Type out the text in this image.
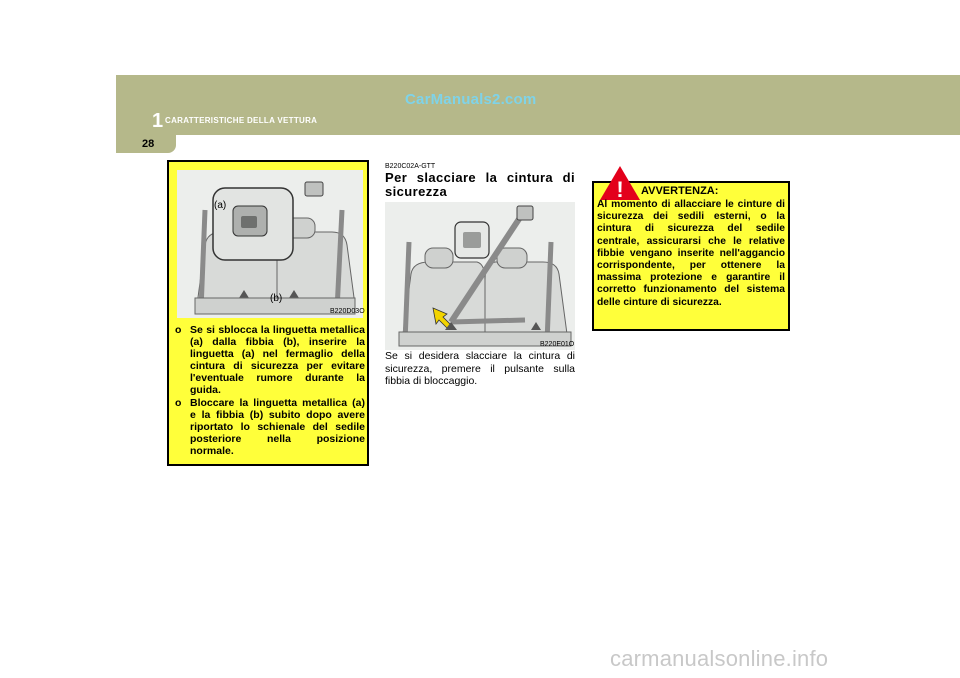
1 CARATTERISTICHE DELLA VETTURA
CarManuals2.com
28
(a)
(b)
B220D03O
o Se si sblocca la linguetta metallica (a) dalla fibbia (b), inserire la linguetta (a) nel fermaglio della cintura di sicurezza per evitare l'eventuale rumore durante la guida.
o Bloccare la linguetta metallica (a) e la fibbia (b) subito dopo avere riportato lo schienale del sedile posteriore nella posizione normale.
B220C02A-GTT
Per slacciare la cintura di sicurezza
B220E01O
Se si desidera slacciare la cintura di sicurezza, premere il pulsante sulla fibbia di bloccaggio.
! AVVERTENZA:
Al momento di allacciare le cinture di sicurezza dei sedili esterni, o la cintura di sicurezza del sedile centrale, assicurarsi che le relative fibbie vengano inserite nell'aggancio corrispondente, per ottenere la massima protezione e garantire il corretto funzionamento del sistema delle cinture di sicurezza.
carmanualsonline.info
